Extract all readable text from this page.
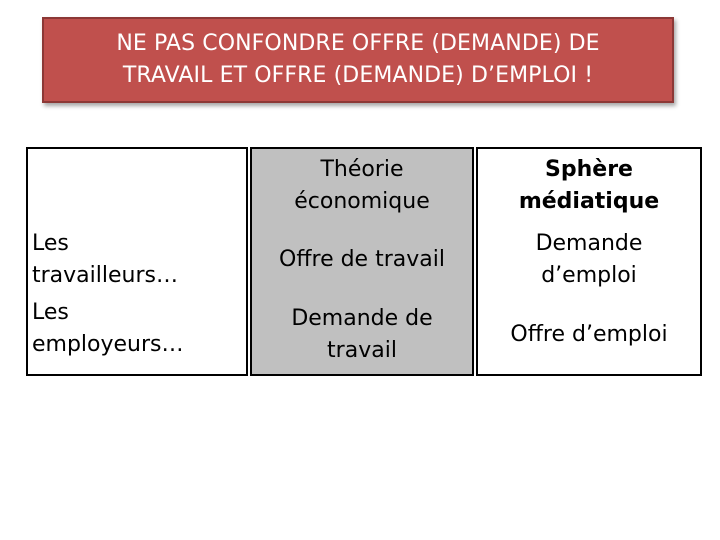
NE PAS CONFONDRE OFFRE (DEMANDE) DE
TRAVAIL ET OFFRE (DEMANDE) D’EMPLOI !
Les
travailleurs…
Les
employeurs…
Théorie
économique
Offre de travail
Demande de
travail
Sphère
médiatique
Demande
d’emploi
Offre d’emploi
